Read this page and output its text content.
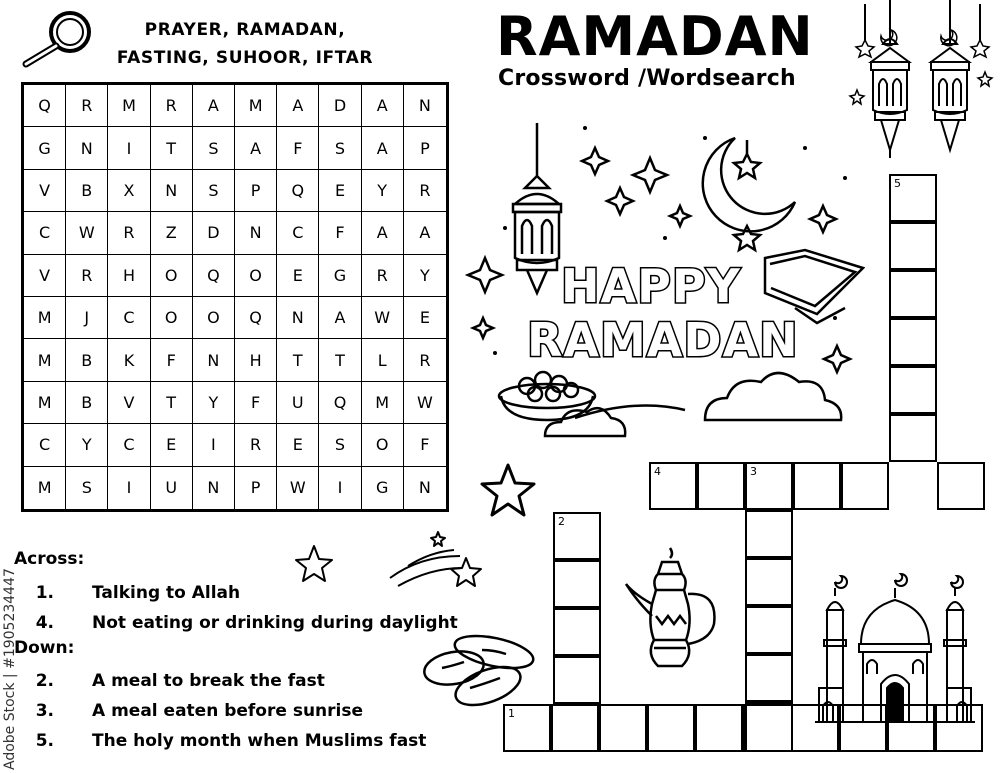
PRAYER, RAMADAN,
FASTING, SUHOOR, IFTAR	RAMADAN
Crossword /Wordsearch
Q	R	M	R	A	M	A	D	A	N
G	N	I	T	S	A	F	S	A	P
V	B	X	N	S	P	Q	E	Y	R
C	W	R	Z	D	N	C	F	A	A
V	R	H	O	Q	O	E	G	R	Y
M	J	C	O	O	Q	N	A	W	E
M	B	K	F	N	H	T	T	L	R
M	B	V	T	Y	F	U	Q	M	W
C	Y	C	E	I	R	E	S	O	F
M	S	I	U	N	P	W	I	G	N
Across:
1. Talking to Allah
4. Not eating or drinking during daylight
Down:
2. A meal to break the fast
3. A meal eaten before sunrise
5. The holy month when Muslims fast
Adobe Stock | #1905234447
5
4	3
2
1
HAPPY
RAMADAN
